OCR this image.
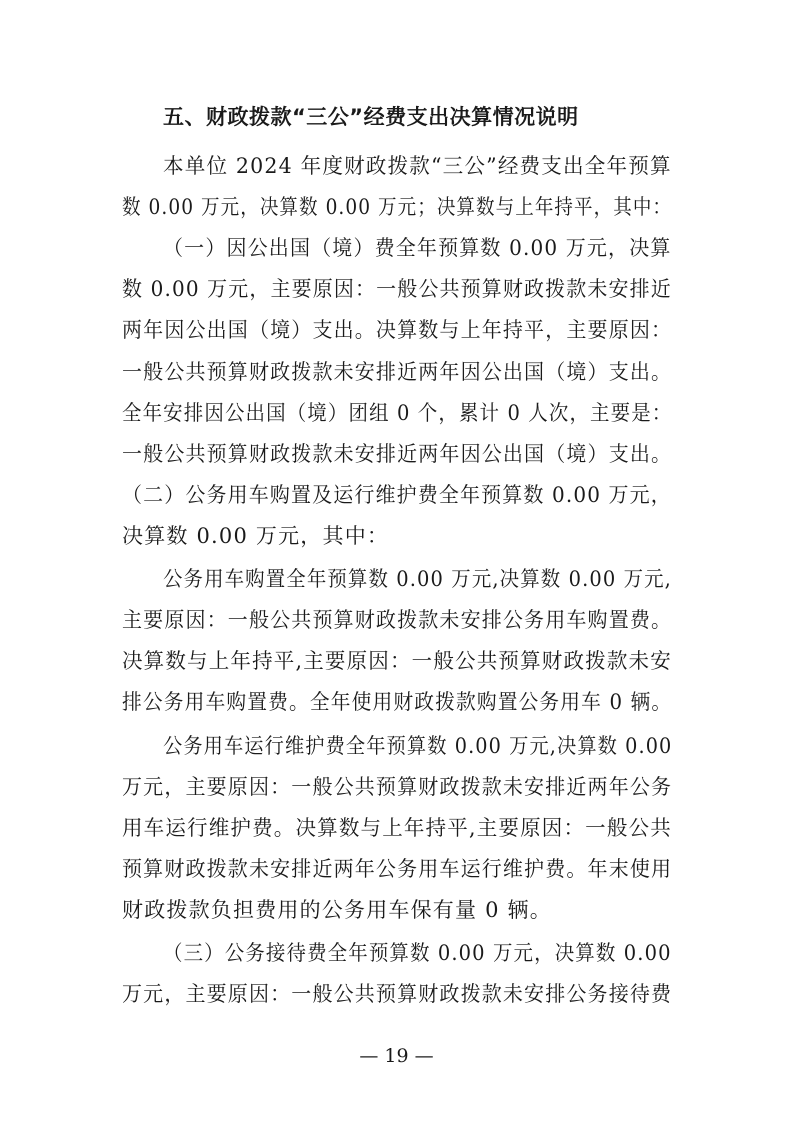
五、财政拨款“三公”经费支出决算情况说明
本单位 2024 年度财政拨款“三公”经费支出全年预算
数 0.00 万元，决算数 0.00 万元；决算数与上年持平，其中：
（一）因公出国（境）费全年预算数 0.00 万元，决算
数 0.00 万元，主要原因：一般公共预算财政拨款未安排近
两年因公出国（境）支出。决算数与上年持平，主要原因：
一般公共预算财政拨款未安排近两年因公出国（境）支出。
全年安排因公出国（境）团组 0 个，累计 0 人次，主要是：
一般公共预算财政拨款未安排近两年因公出国（境）支出。
（二）公务用车购置及运行维护费全年预算数 0.00 万元，
决算数 0.00 万元，其中：
公务用车购置全年预算数 0.00 万元,决算数 0.00 万元,
主要原因：一般公共预算财政拨款未安排公务用车购置费。
决算数与上年持平,主要原因：一般公共预算财政拨款未安
排公务用车购置费。全年使用财政拨款购置公务用车 0 辆。
公务用车运行维护费全年预算数 0.00 万元,决算数 0.00
万元，主要原因：一般公共预算财政拨款未安排近两年公务
用车运行维护费。决算数与上年持平,主要原因：一般公共
预算财政拨款未安排近两年公务用车运行维护费。年末使用
财政拨款负担费用的公务用车保有量 0 辆。
（三）公务接待费全年预算数 0.00 万元，决算数 0.00
万元，主要原因：一般公共预算财政拨款未安排公务接待费
— 19 —
